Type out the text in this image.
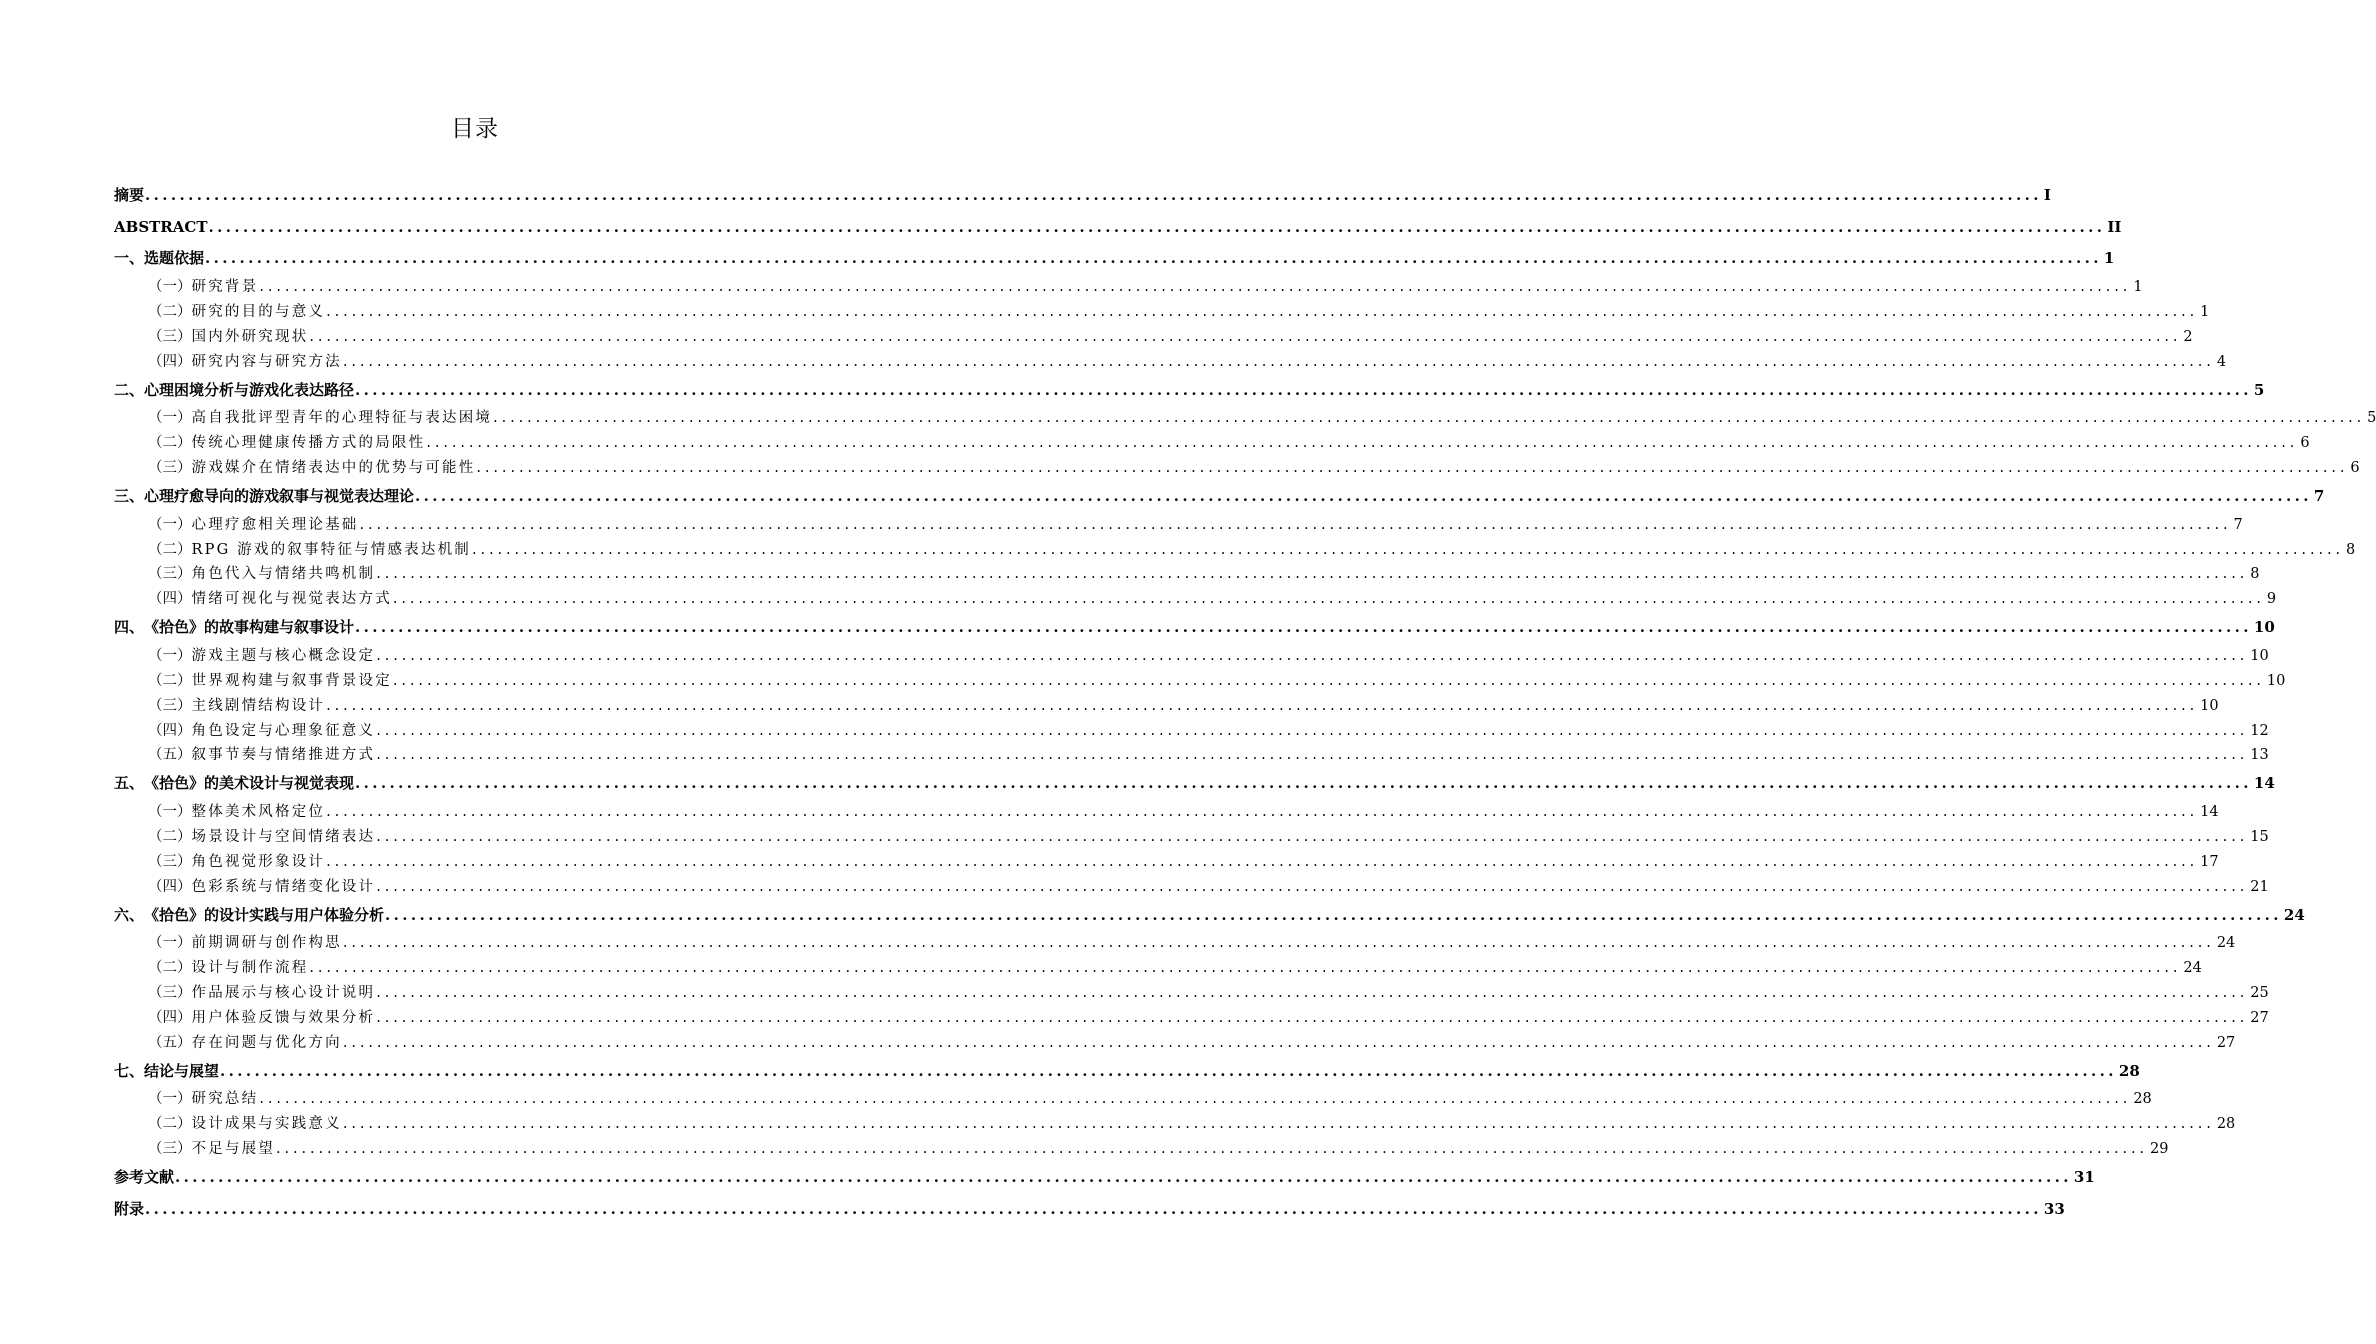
目录
摘要 ............................................................................................................................................................................................................................ I
ABSTRACT ............................................................................................................................................................................................................................ II
一、 选题依据 ............................................................................................................................................................................................................................ 1
（一） 研究背景 ............................................................................................................................................................................................................................ 1
（二） 研究的目的与意义 ............................................................................................................................................................................................................................ 1
（三） 国内外研究现状 ............................................................................................................................................................................................................................ 2
（四） 研究内容与研究方法 ............................................................................................................................................................................................................................ 4
二、 心理困境分析与游戏化表达路径 ............................................................................................................................................................................................................................ 5
（一） 高自我批评型青年的心理特征与表达困境 ............................................................................................................................................................................................................................ 5
（二） 传统心理健康传播方式的局限性 ............................................................................................................................................................................................................................ 6
（三） 游戏媒介在情绪表达中的优势与可能性 ............................................................................................................................................................................................................................ 6
三、 心理疗愈导向的游戏叙事与视觉表达理论 ............................................................................................................................................................................................................................ 7
（一） 心理疗愈相关理论基础 ............................................................................................................................................................................................................................ 7
（二） RPG 游戏的叙事特征与情感表达机制 ............................................................................................................................................................................................................................ 8
（三） 角色代入与情绪共鸣机制 ............................................................................................................................................................................................................................ 8
（四） 情绪可视化与视觉表达方式 ............................................................................................................................................................................................................................ 9
四、 《拾色》的故事构建与叙事设计 ............................................................................................................................................................................................................................ 10
（一） 游戏主题与核心概念设定 ............................................................................................................................................................................................................................ 10
（二） 世界观构建与叙事背景设定 ............................................................................................................................................................................................................................ 10
（三） 主线剧情结构设计 ............................................................................................................................................................................................................................ 10
（四） 角色设定与心理象征意义 ............................................................................................................................................................................................................................ 12
（五） 叙事节奏与情绪推进方式 ............................................................................................................................................................................................................................ 13
五、 《拾色》的美术设计与视觉表现 ............................................................................................................................................................................................................................ 14
（一） 整体美术风格定位 ............................................................................................................................................................................................................................ 14
（二） 场景设计与空间情绪表达 ............................................................................................................................................................................................................................ 15
（三） 角色视觉形象设计 ............................................................................................................................................................................................................................ 17
（四） 色彩系统与情绪变化设计 ............................................................................................................................................................................................................................ 21
六、 《拾色》的设计实践与用户体验分析 ............................................................................................................................................................................................................................ 24
（一） 前期调研与创作构思 ............................................................................................................................................................................................................................ 24
（二） 设计与制作流程 ............................................................................................................................................................................................................................ 24
（三） 作品展示与核心设计说明 ............................................................................................................................................................................................................................ 25
（四） 用户体验反馈与效果分析 ............................................................................................................................................................................................................................ 27
（五） 存在问题与优化方向 ............................................................................................................................................................................................................................ 27
七、 结论与展望 ............................................................................................................................................................................................................................ 28
（一） 研究总结 ............................................................................................................................................................................................................................ 28
（二） 设计成果与实践意义 ............................................................................................................................................................................................................................ 28
（三） 不足与展望 ............................................................................................................................................................................................................................ 29
参考文献 ............................................................................................................................................................................................................................ 31
附录 ............................................................................................................................................................................................................................ 33
